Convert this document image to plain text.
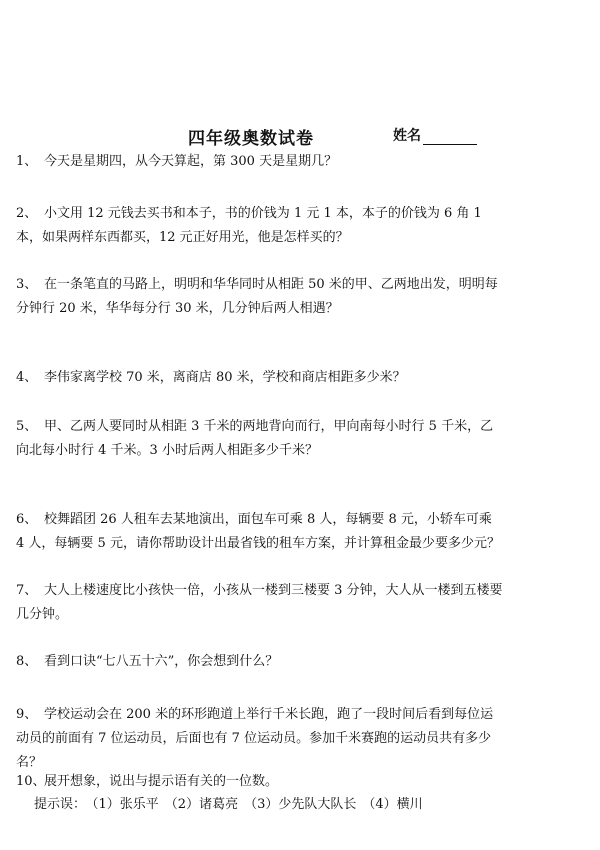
四年级奥数试卷	姓名
1、 今天是星期四，从今天算起，第 300 天是星期几？
2、 小文用 12 元钱去买书和本子，书的价钱为 1 元 1 本，本子的价钱为 6 角 1 本，如果两样东西都买，12 元正好用光，他是怎样买的？
3、 在一条笔直的马路上，明明和华华同时从相距 50 米的甲、乙两地出发，明明每分钟行 20 米，华华每分行 30 米，几分钟后两人相遇？
4、 李伟家离学校 70 米，离商店 80 米，学校和商店相距多少米？
5、 甲、乙两人要同时从相距 3 千米的两地背向而行，甲向南每小时行 5 千米，乙向北每小时行 4 千米。3 小时后两人相距多少千米？
6、 校舞蹈团 26 人租车去某地演出，面包车可乘 8 人，每辆要 8 元，小轿车可乘 4 人，每辆要 5 元，请你帮助设计出最省钱的租车方案，并计算租金最少要多少元？
7、 大人上楼速度比小孩快一倍，小孩从一楼到三楼要 3 分钟，大人从一楼到五楼要几分钟。
8、 看到口诀“七八五十六”，你会想到什么？
9、 学校运动会在 200 米的环形跑道上举行千米长跑，跑了一段时间后看到每位运动员的前面有 7 位运动员，后面也有 7 位运动员。参加千米赛跑的运动员共有多少名？
10、展开想象，说出与提示语有关的一位数。
提示误： （1）张乐平 （2）诸葛亮 （3）少先队大队长 （4）横川
